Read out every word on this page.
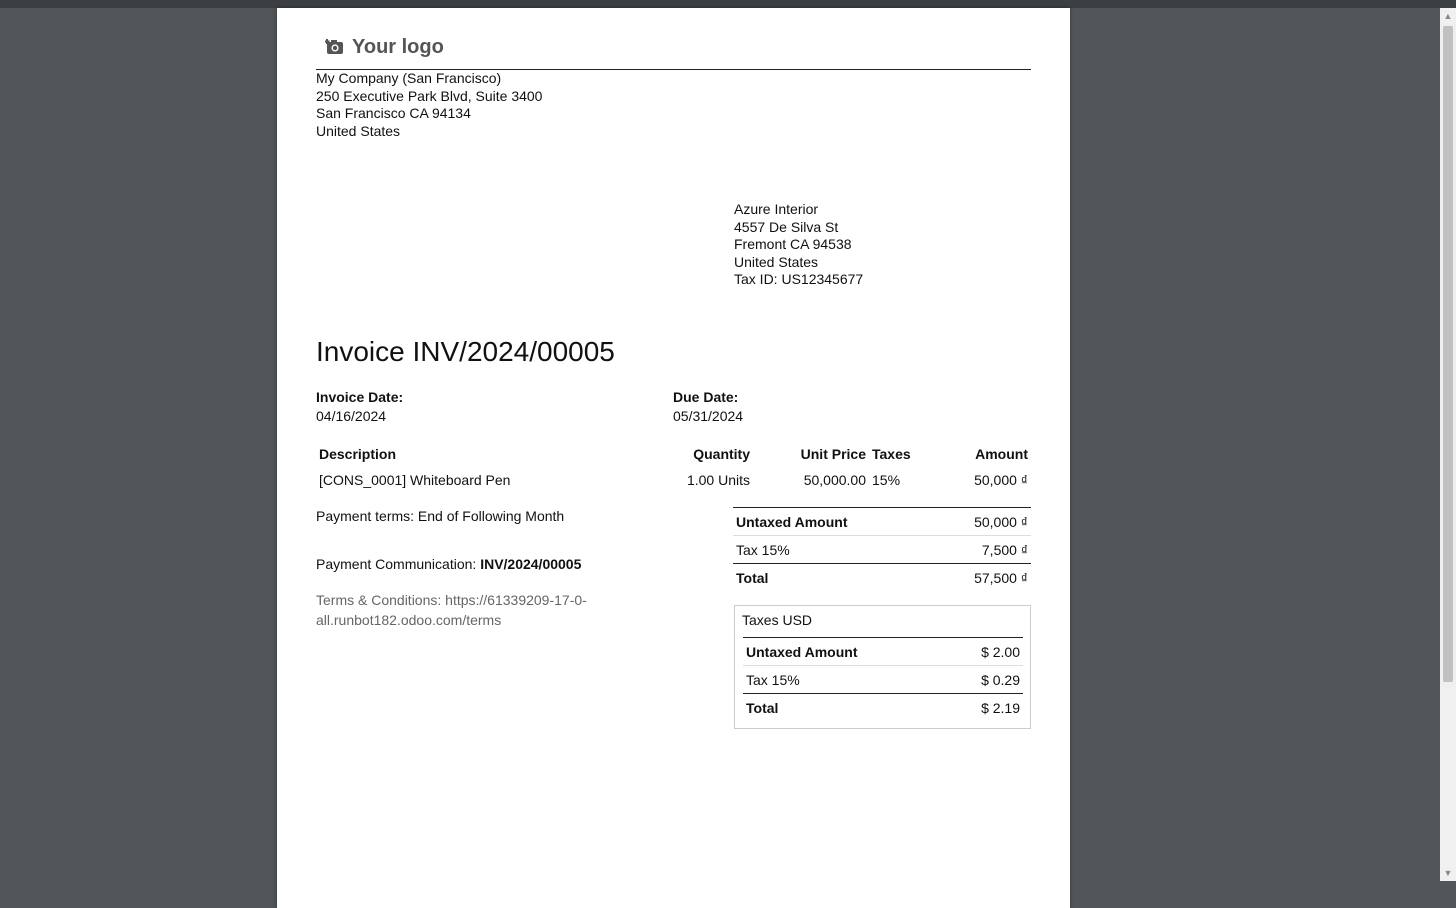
▲
▼
Your logo
My Company (San Francisco)
250 Executive Park Blvd, Suite 3400
San Francisco CA 94134
United States
Azure Interior
4557 De Silva St
Fremont CA 94538
United States
Tax ID: US12345677
Invoice INV/2024/00005
Invoice Date:
04/16/2024
Due Date:
05/31/2024
Description	Quantity	Unit Price	Taxes	Amount
[CONS_0001] Whiteboard Pen	1.00 Units	50,000.00	15%	50,000 ₫
Payment terms: End of Following Month
Payment Communication: INV/2024/00005
Terms & Conditions: https://61339209-17-0-all.runbot182.odoo.com/terms
Untaxed Amount	50,000 ₫
Tax 15%	7,500 ₫
Total	57,500 ₫
Taxes USD
Untaxed Amount	$ 2.00
Tax 15%	$ 0.29
Total	$ 2.19
